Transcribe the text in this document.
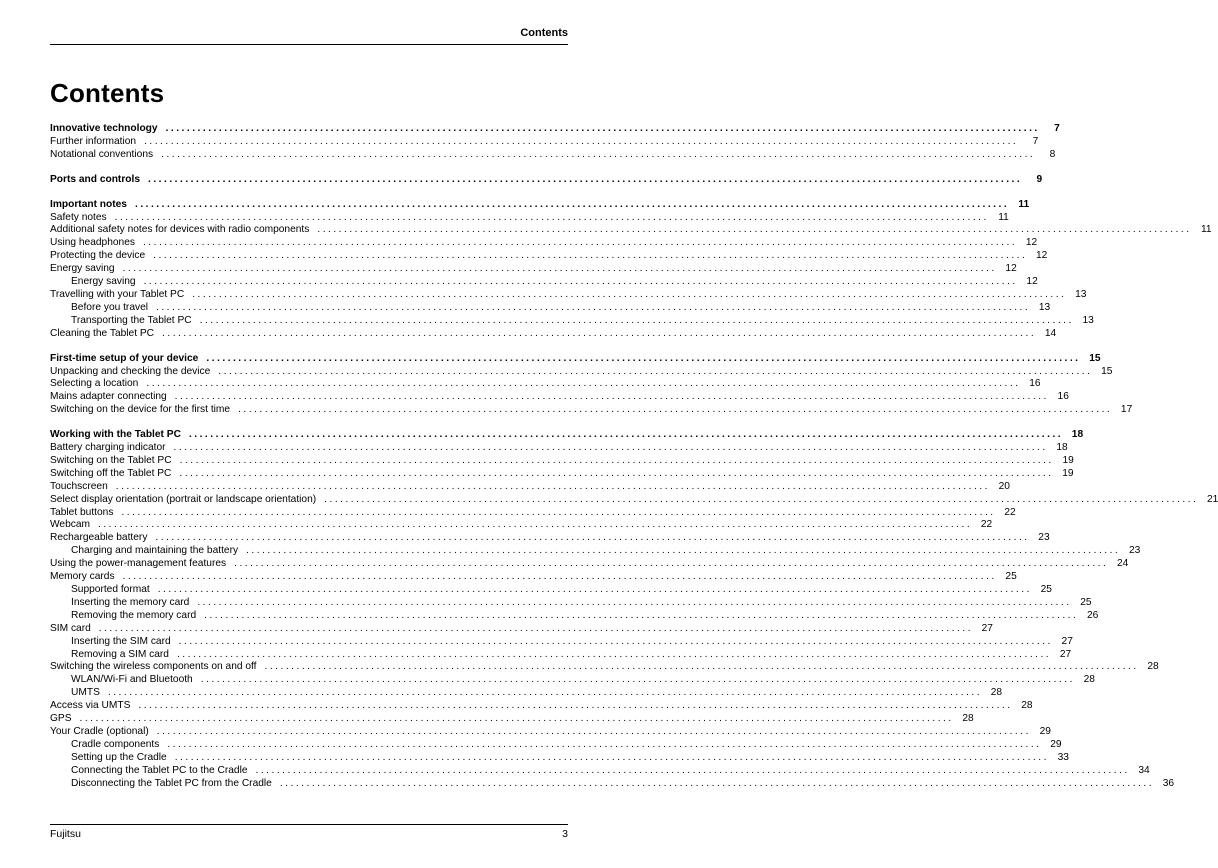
Contents
Contents
Innovative technology ....................................................................................................................................................................	7
Further information ....................................................................................................................................................................	7
Notational conventions ....................................................................................................................................................................	8
Ports and controls ....................................................................................................................................................................	9
Important notes .................................................................................................................................................................... 11
Safety notes .................................................................................................................................................................... 11
Additional safety notes for devices with radio components .................................................................................................................................................................... 11
Using headphones .................................................................................................................................................................... 12
Protecting the device .................................................................................................................................................................... 12
Energy saving .................................................................................................................................................................... 12
Energy saving .................................................................................................................................................................... 12
Travelling with your Tablet PC .................................................................................................................................................................... 13
Before you travel .................................................................................................................................................................... 13
Transporting the Tablet PC .................................................................................................................................................................... 13
Cleaning the Tablet PC .................................................................................................................................................................... 14
First-time setup of your device .................................................................................................................................................................... 15
Unpacking and checking the device .................................................................................................................................................................... 15
Selecting a location .................................................................................................................................................................... 16
Mains adapter connecting .................................................................................................................................................................... 16
Switching on the device for the first time .................................................................................................................................................................... 17
Working with the Tablet PC .................................................................................................................................................................... 18
Battery charging indicator .................................................................................................................................................................... 18
Switching on the Tablet PC .................................................................................................................................................................... 19
Switching off the Tablet PC .................................................................................................................................................................... 19
Touchscreen .................................................................................................................................................................... 20
Select display orientation (portrait or landscape orientation) .................................................................................................................................................................... 21
Tablet buttons .................................................................................................................................................................... 22
Webcam .................................................................................................................................................................... 22
Rechargeable battery .................................................................................................................................................................... 23
Charging and maintaining the battery .................................................................................................................................................................... 23
Using the power-management features .................................................................................................................................................................... 24
Memory cards .................................................................................................................................................................... 25
Supported format .................................................................................................................................................................... 25
Inserting the memory card .................................................................................................................................................................... 25
Removing the memory card .................................................................................................................................................................... 26
SIM card .................................................................................................................................................................... 27
Inserting the SIM card .................................................................................................................................................................... 27
Removing a SIM card .................................................................................................................................................................... 27
Switching the wireless components on and off .................................................................................................................................................................... 28
WLAN/Wi-Fi and Bluetooth .................................................................................................................................................................... 28
UMTS .................................................................................................................................................................... 28
Access via UMTS .................................................................................................................................................................... 28
GPS .................................................................................................................................................................... 28
Your Cradle (optional) .................................................................................................................................................................... 29
Cradle components .................................................................................................................................................................... 29
Setting up the Cradle .................................................................................................................................................................... 33
Connecting the Tablet PC to the Cradle .................................................................................................................................................................... 34
Disconnecting the Tablet PC from the Cradle .................................................................................................................................................................... 36
Fujitsu	3
